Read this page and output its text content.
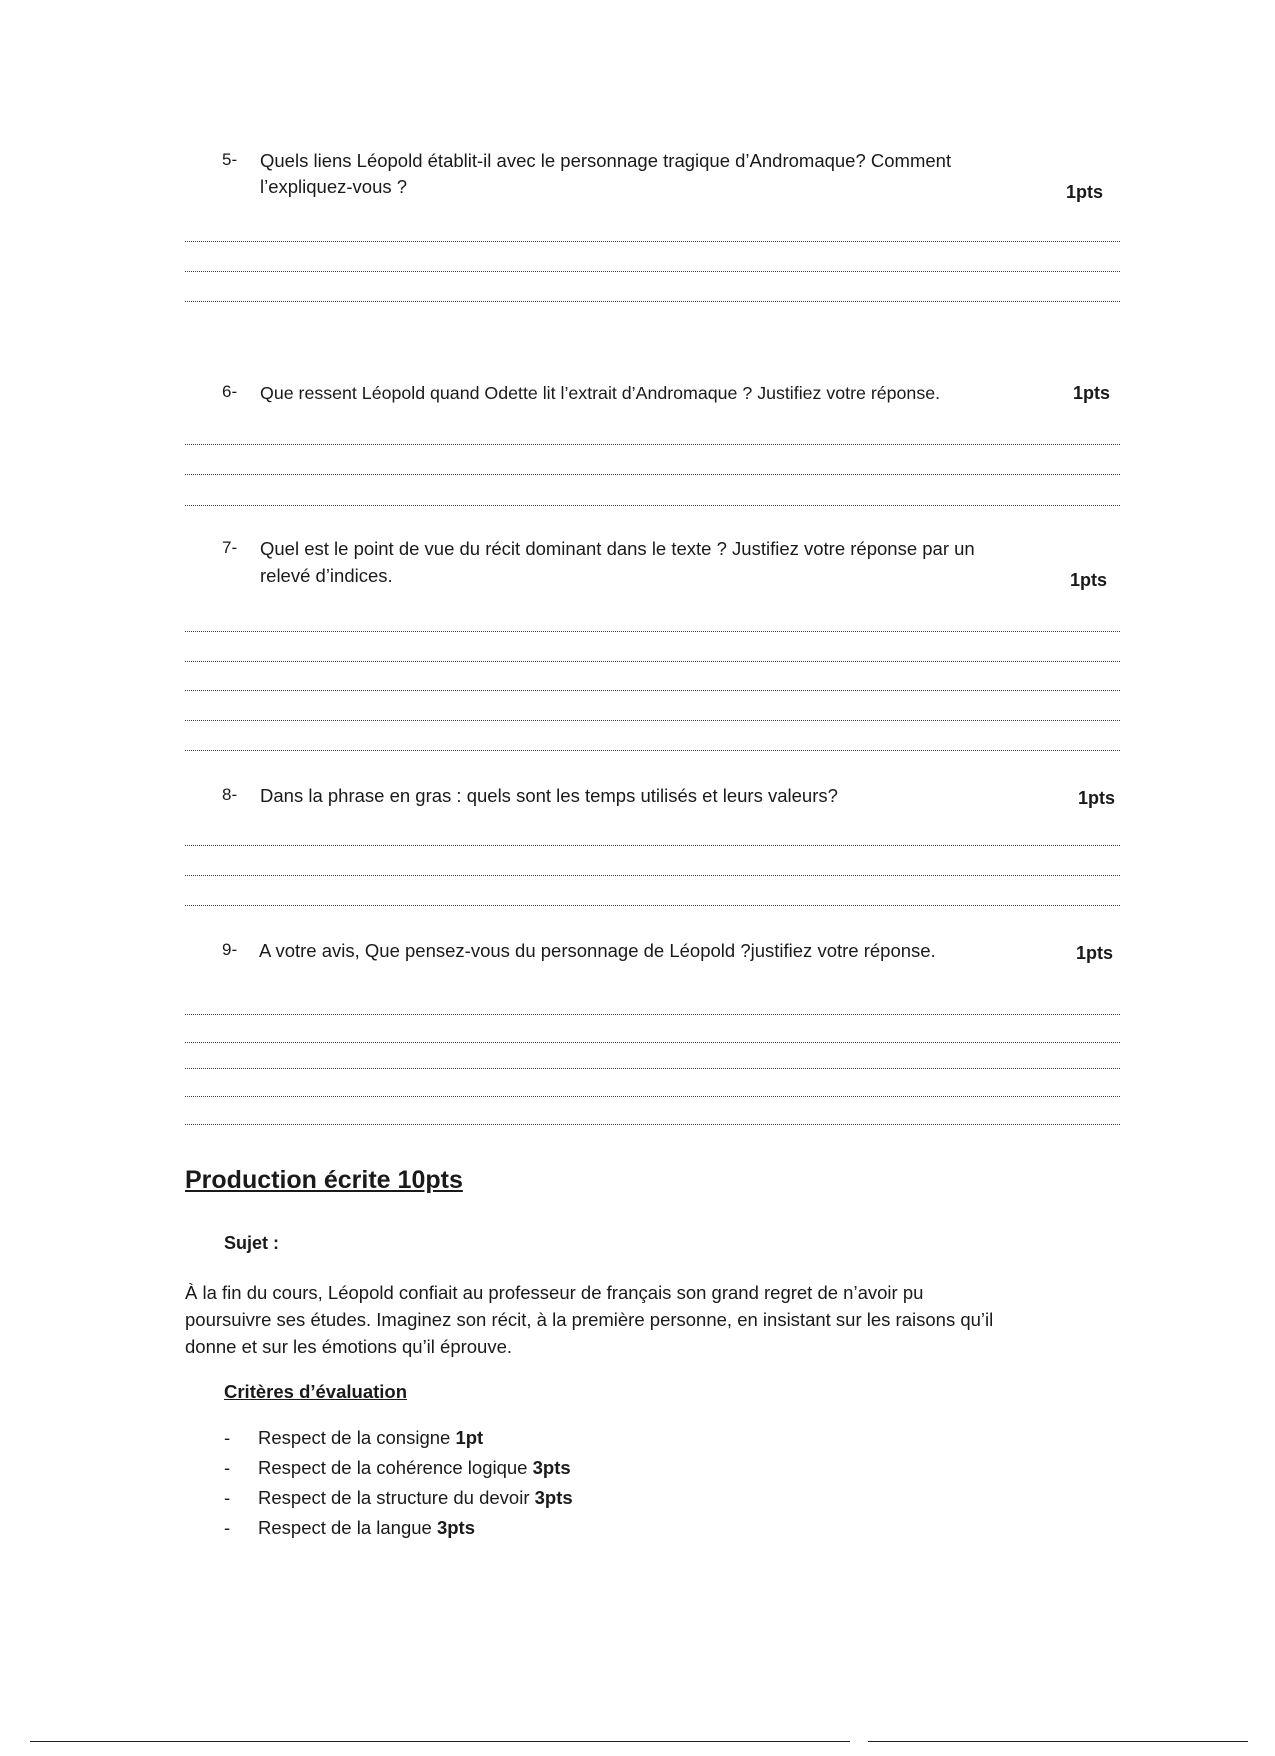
5- Quels liens Léopold établit-il avec le personnage tragique d’Andromaque? Comment
l’expliquez-vous ?	1pts
6- Que ressent Léopold quand Odette lit l’extrait d’Andromaque ? Justifiez votre réponse.	1pts
7- Quel est le point de vue du récit dominant dans le texte ? Justifiez votre réponse par un
relevé d’indices.	1pts
8- Dans la phrase en gras : quels sont les temps utilisés et leurs valeurs?	1pts
9- A votre avis, Que pensez-vous du personnage de Léopold ?justifiez votre réponse.	1pts
Production écrite 10pts
Sujet :
À la fin du cours, Léopold confiait au professeur de français son grand regret de n’avoir pu
poursuivre ses études. Imaginez son récit, à la première personne, en insistant sur les raisons qu’il
donne et sur les émotions qu’il éprouve.
Critères d’évaluation
- Respect de la consigne 1pt
- Respect de la cohérence logique 3pts
- Respect de la structure du devoir 3pts
- Respect de la langue 3pts
